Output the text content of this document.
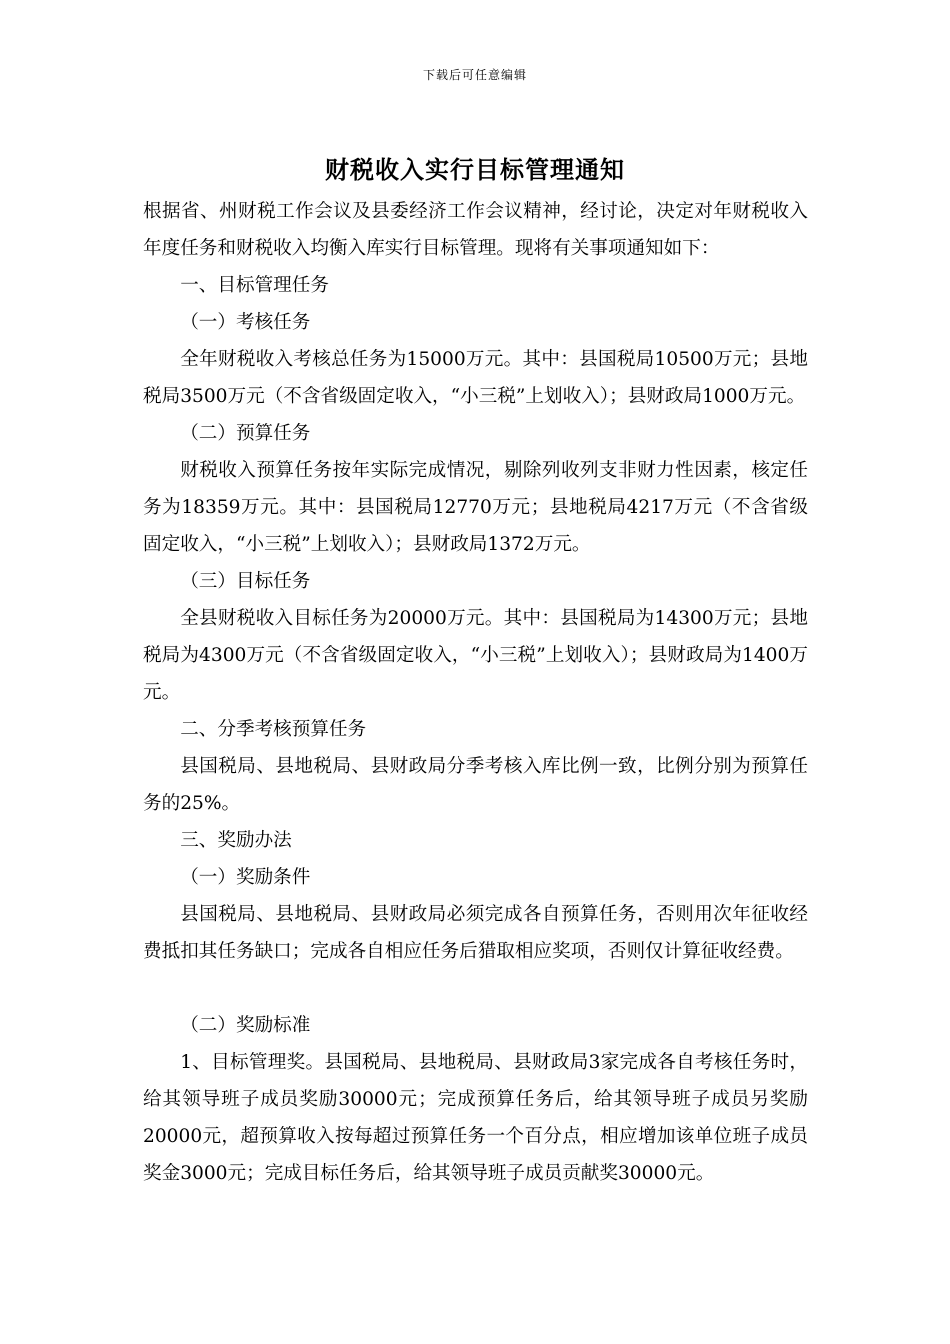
下载后可任意编辑
财税收入实行目标管理通知

根据省、州财税工作会议及县委经济工作会议精神，经讨论，决定对年财税收入年度任务和财税收入均衡入库实行目标管理。现将有关事项通知如下：

一、目标管理任务

（一）考核任务

全年财税收入考核总任务为15000万元。其中：县国税局10500万元；县地税局3500万元（不含省级固定收入，“小三税”上划收入）；县财政局1000万元。

（二）预算任务

财税收入预算任务按年实际完成情况，剔除列收列支非财力性因素，核定任务为18359万元。其中：县国税局12770万元；县地税局4217万元（不含省级固定收入，“小三税”上划收入）；县财政局1372万元。

（三）目标任务

全县财税收入目标任务为20000万元。其中：县国税局为14300万元；县地税局为4300万元（不含省级固定收入，“小三税”上划收入）；县财政局为1400万元。

二、分季考核预算任务

县国税局、县地税局、县财政局分季考核入库比例一致，比例分别为预算任务的25%。

三、奖励办法

（一）奖励条件

县国税局、县地税局、县财政局必须完成各自预算任务，否则用次年征收经费抵扣其任务缺口；完成各自相应任务后猎取相应奖项，否则仅计算征收经费。

（二）奖励标准

1、目标管理奖。县国税局、县地税局、县财政局3家完成各自考核任务时，给其领导班子成员奖励30000元；完成预算任务后，给其领导班子成员另奖励20000元，超预算收入按每超过预算任务一个百分点，相应增加该单位班子成员奖金3000元；完成目标任务后，给其领导班子成员贡献奖30000元。
